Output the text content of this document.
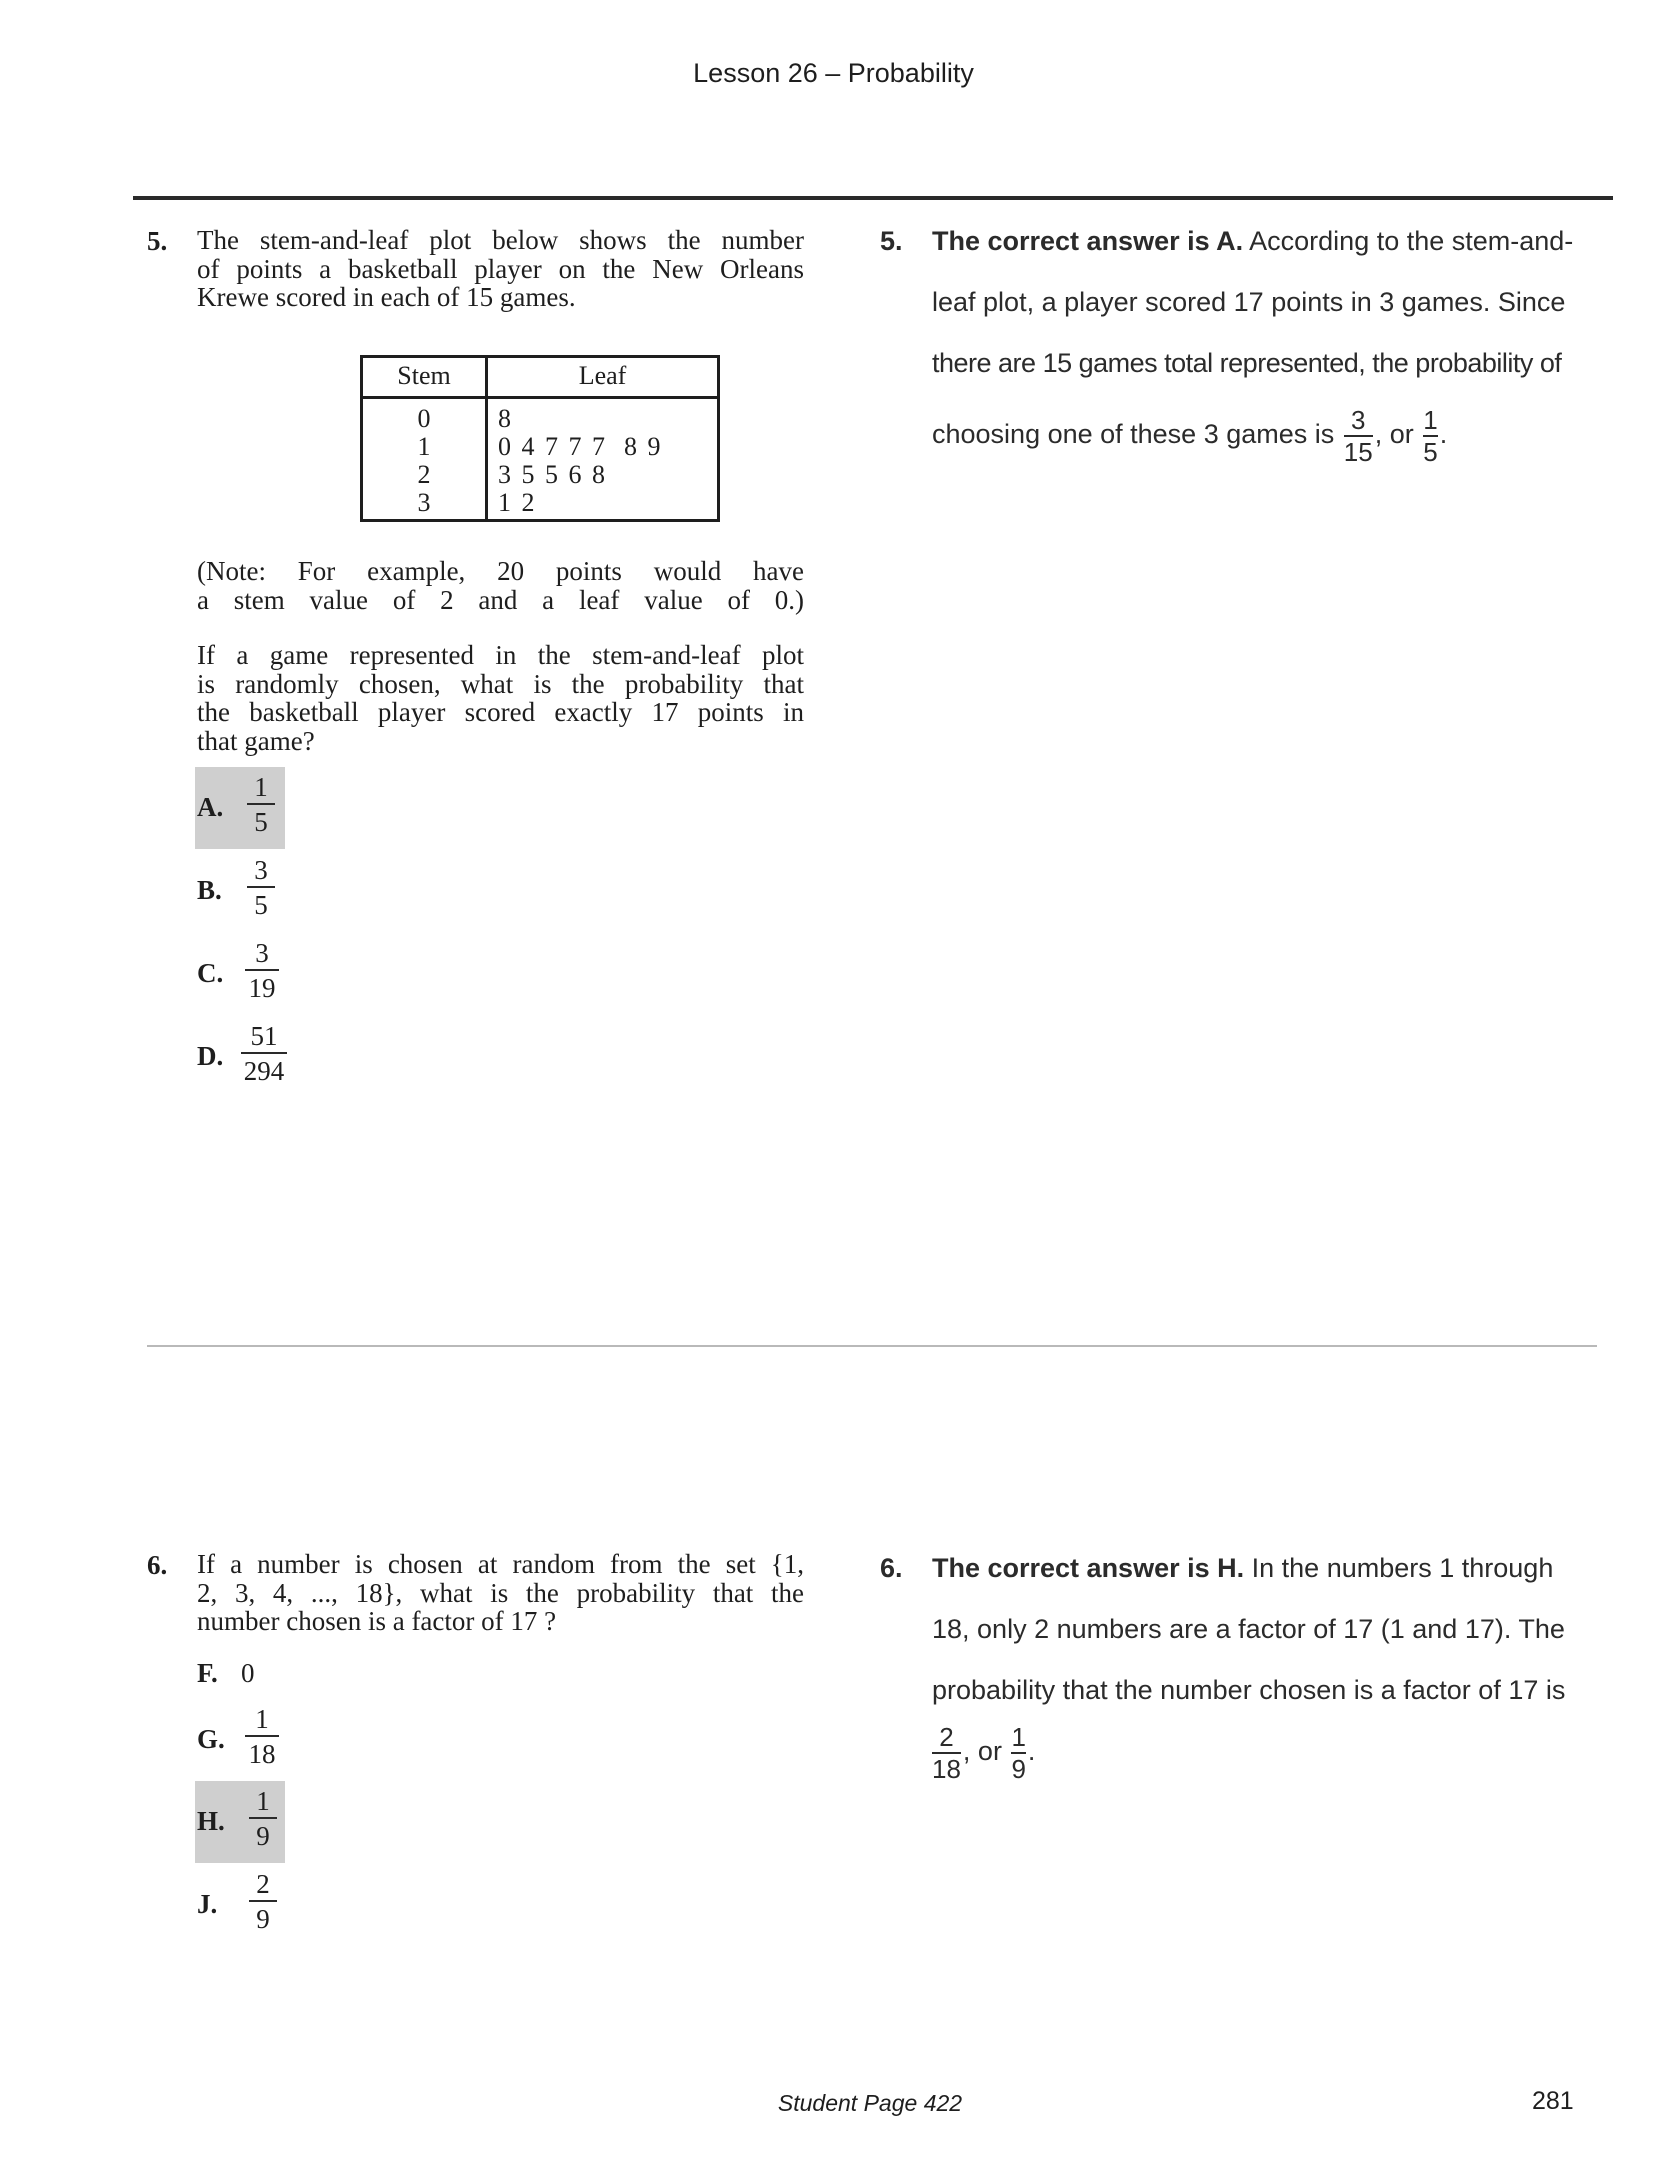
Lesson 26 – Probability
5. The stem-and-leaf plot below shows the number
of points a basketball player on the New Orleans
Krewe scored in each of 15 games.
Stem	Leaf
0	8
1	0 4 7 7 7  8 9
2	3 5 5 6 8
3	1 2
(Note: For example, 20 points would have
a stem value of 2 and a leaf value of 0.)
If a game represented in the stem-and-leaf plot
is randomly chosen, what is the probability that
the basketball player scored exactly 17 points in
that game?
A.
1
5
B.
3
5
C.
3
19
D.
51
294
5. The correct answer is A. According to the stem-and-
leaf plot, a player scored 17 points in 3 games. Since
there are 15 games total represented, the probability of
choosing one of these 3 games is $\frac{3}{15}$, or $\frac{1}{5}$.
6. If a number is chosen at random from the set {1,
2, 3, 4, ..., 18}, what is the probability that the
number chosen is a factor of 17 ?
F. 0
G.
1
18
H.
1
9
J.
2
9
6. The correct answer is H. In the numbers 1 through
18, only 2 numbers are a factor of 17 (1 and 17). The
probability that the number chosen is a factor of 17 is
$\frac{2}{18}$, or $\frac{1}{9}$.
Student Page 422	281
